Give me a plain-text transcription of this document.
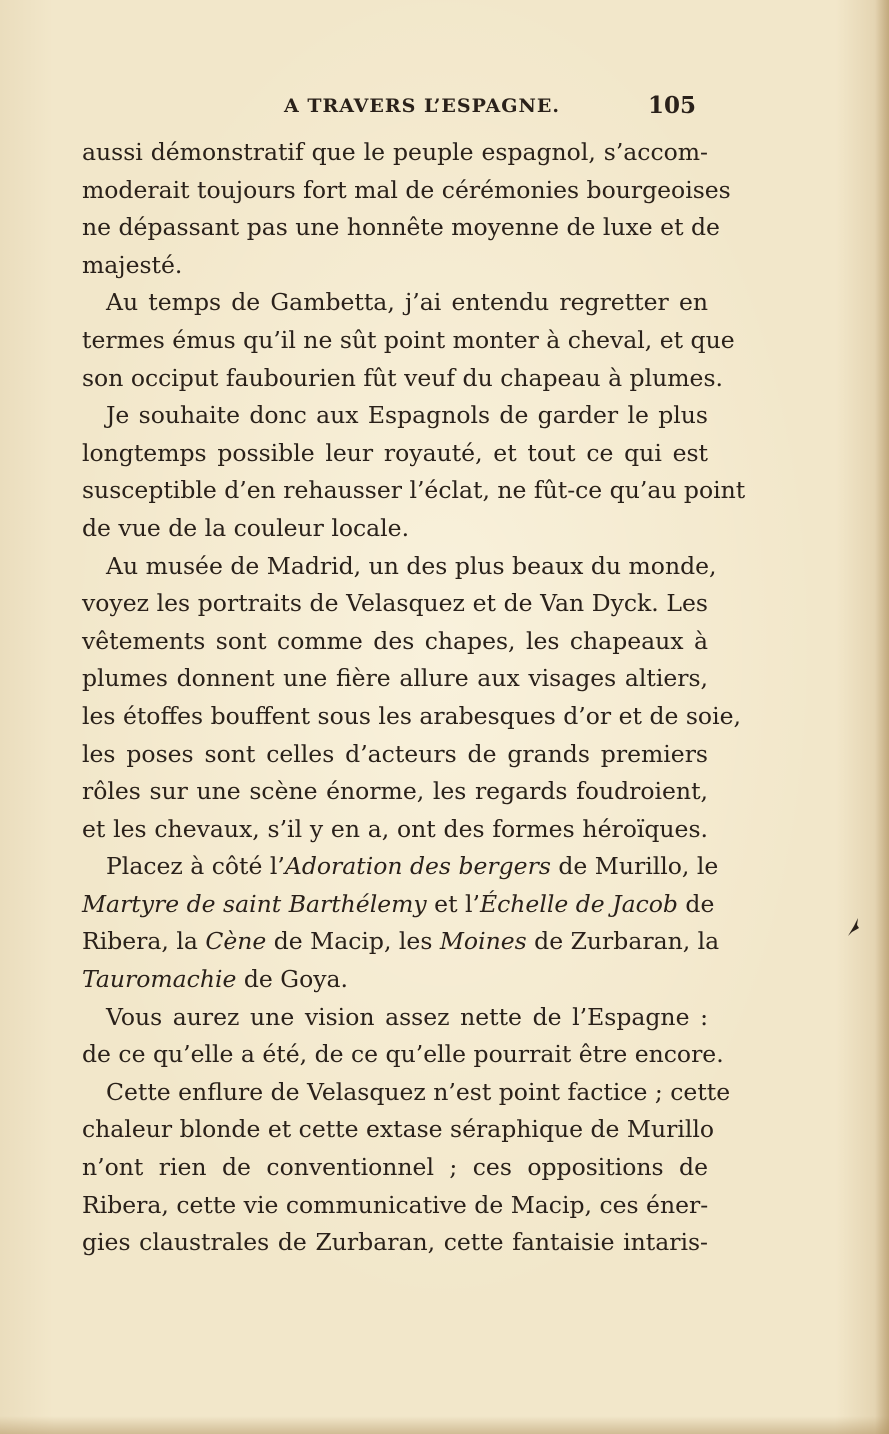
A TRAVERS L’ESPAGNE.	105
aussi démonstratif que le peuple espagnol, s’accom-
moderait toujours fort mal de cérémonies bourgeoises
ne dépassant pas une honnête moyenne de luxe et de
majesté.
Au temps de Gambetta, j’ai entendu regretter en
termes émus qu’il ne sût point monter à cheval, et que
son occiput faubourien fût veuf du chapeau à plumes.
Je souhaite donc aux Espagnols de garder le plus
longtemps possible leur royauté, et tout ce qui est
susceptible d’en rehausser l’éclat, ne fût-ce qu’au point
de vue de la couleur locale.
Au musée de Madrid, un des plus beaux du monde,
voyez les portraits de Velasquez et de Van Dyck. Les
vêtements sont comme des chapes, les chapeaux à
plumes donnent une fière allure aux visages altiers,
les étoffes bouffent sous les arabesques d’or et de soie,
les poses sont celles d’acteurs de grands premiers
rôles sur une scène énorme, les regards foudroient,
et les chevaux, s’il y en a, ont des formes héroïques.
Placez à côté l’Adoration des bergers de Murillo, le
Martyre de saint Barthélemy et l’Échelle de Jacob de
Ribera, la Cène de Macip, les Moines de Zurbaran, la
Tauromachie de Goya.
Vous aurez une vision assez nette de l’Espagne :
de ce qu’elle a été, de ce qu’elle pourrait être encore.
Cette enflure de Velasquez n’est point factice ; cette
chaleur blonde et cette extase séraphique de Murillo
n’ont rien de conventionnel ; ces oppositions de
Ribera, cette vie communicative de Macip, ces éner-
gies claustrales de Zurbaran, cette fantaisie intaris-
